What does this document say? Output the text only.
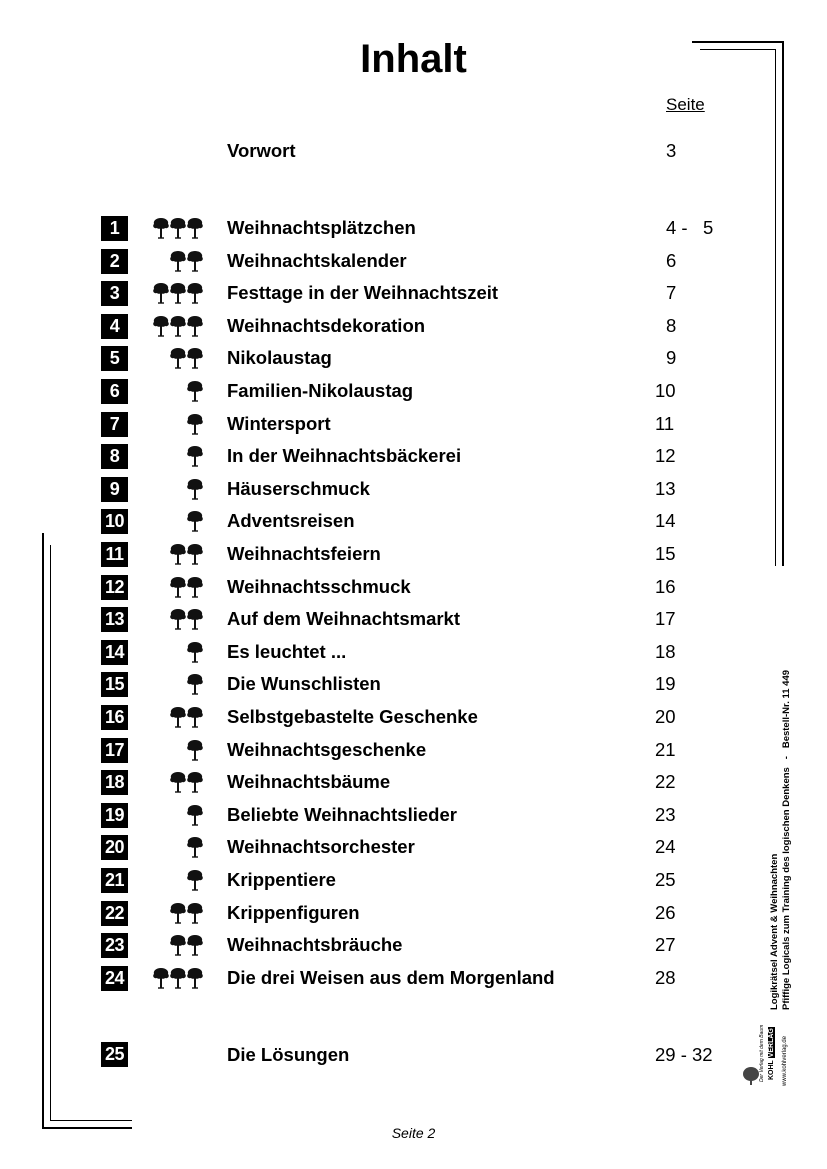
Inhalt
Seite
Vorwort	3
1	Weihnachtsplätzchen	4 -   5
2	Weihnachtskalender	6
3	Festtage in der Weihnachtszeit	7
4	Weihnachtsdekoration	8
5	Nikolaustag	9
6	Familien-Nikolaustag	10
7	Wintersport	11
8	In der Weihnachtsbäckerei	12
9	Häuserschmuck	13
10	Adventsreisen	14
11	Weihnachtsfeiern	15
12	Weihnachtsschmuck	16
13	Auf dem Weihnachtsmarkt	17
14	Es leuchtet ...	18
15	Die Wunschlisten	19
16	Selbstgebastelte Geschenke	20
17	Weihnachtsgeschenke	21
18	Weihnachtsbäume	22
19	Beliebte Weihnachtslieder	23
20	Weihnachtsorchester	24
21	Krippentiere	25
22	Krippenfiguren	26
23	Weihnachtsbräuche	27
24	Die drei Weisen aus dem Morgenland	28
25	Die Lösungen	29 - 32
Seite 2
Pfiffige Logicals zum Training des logischen Denkens   -   Bestell-Nr. 11 449
Logikrätsel Advent & Weihnachten
KOHL VERLAG
Der Verlag mit dem Baum	www.kohlverlag.de
